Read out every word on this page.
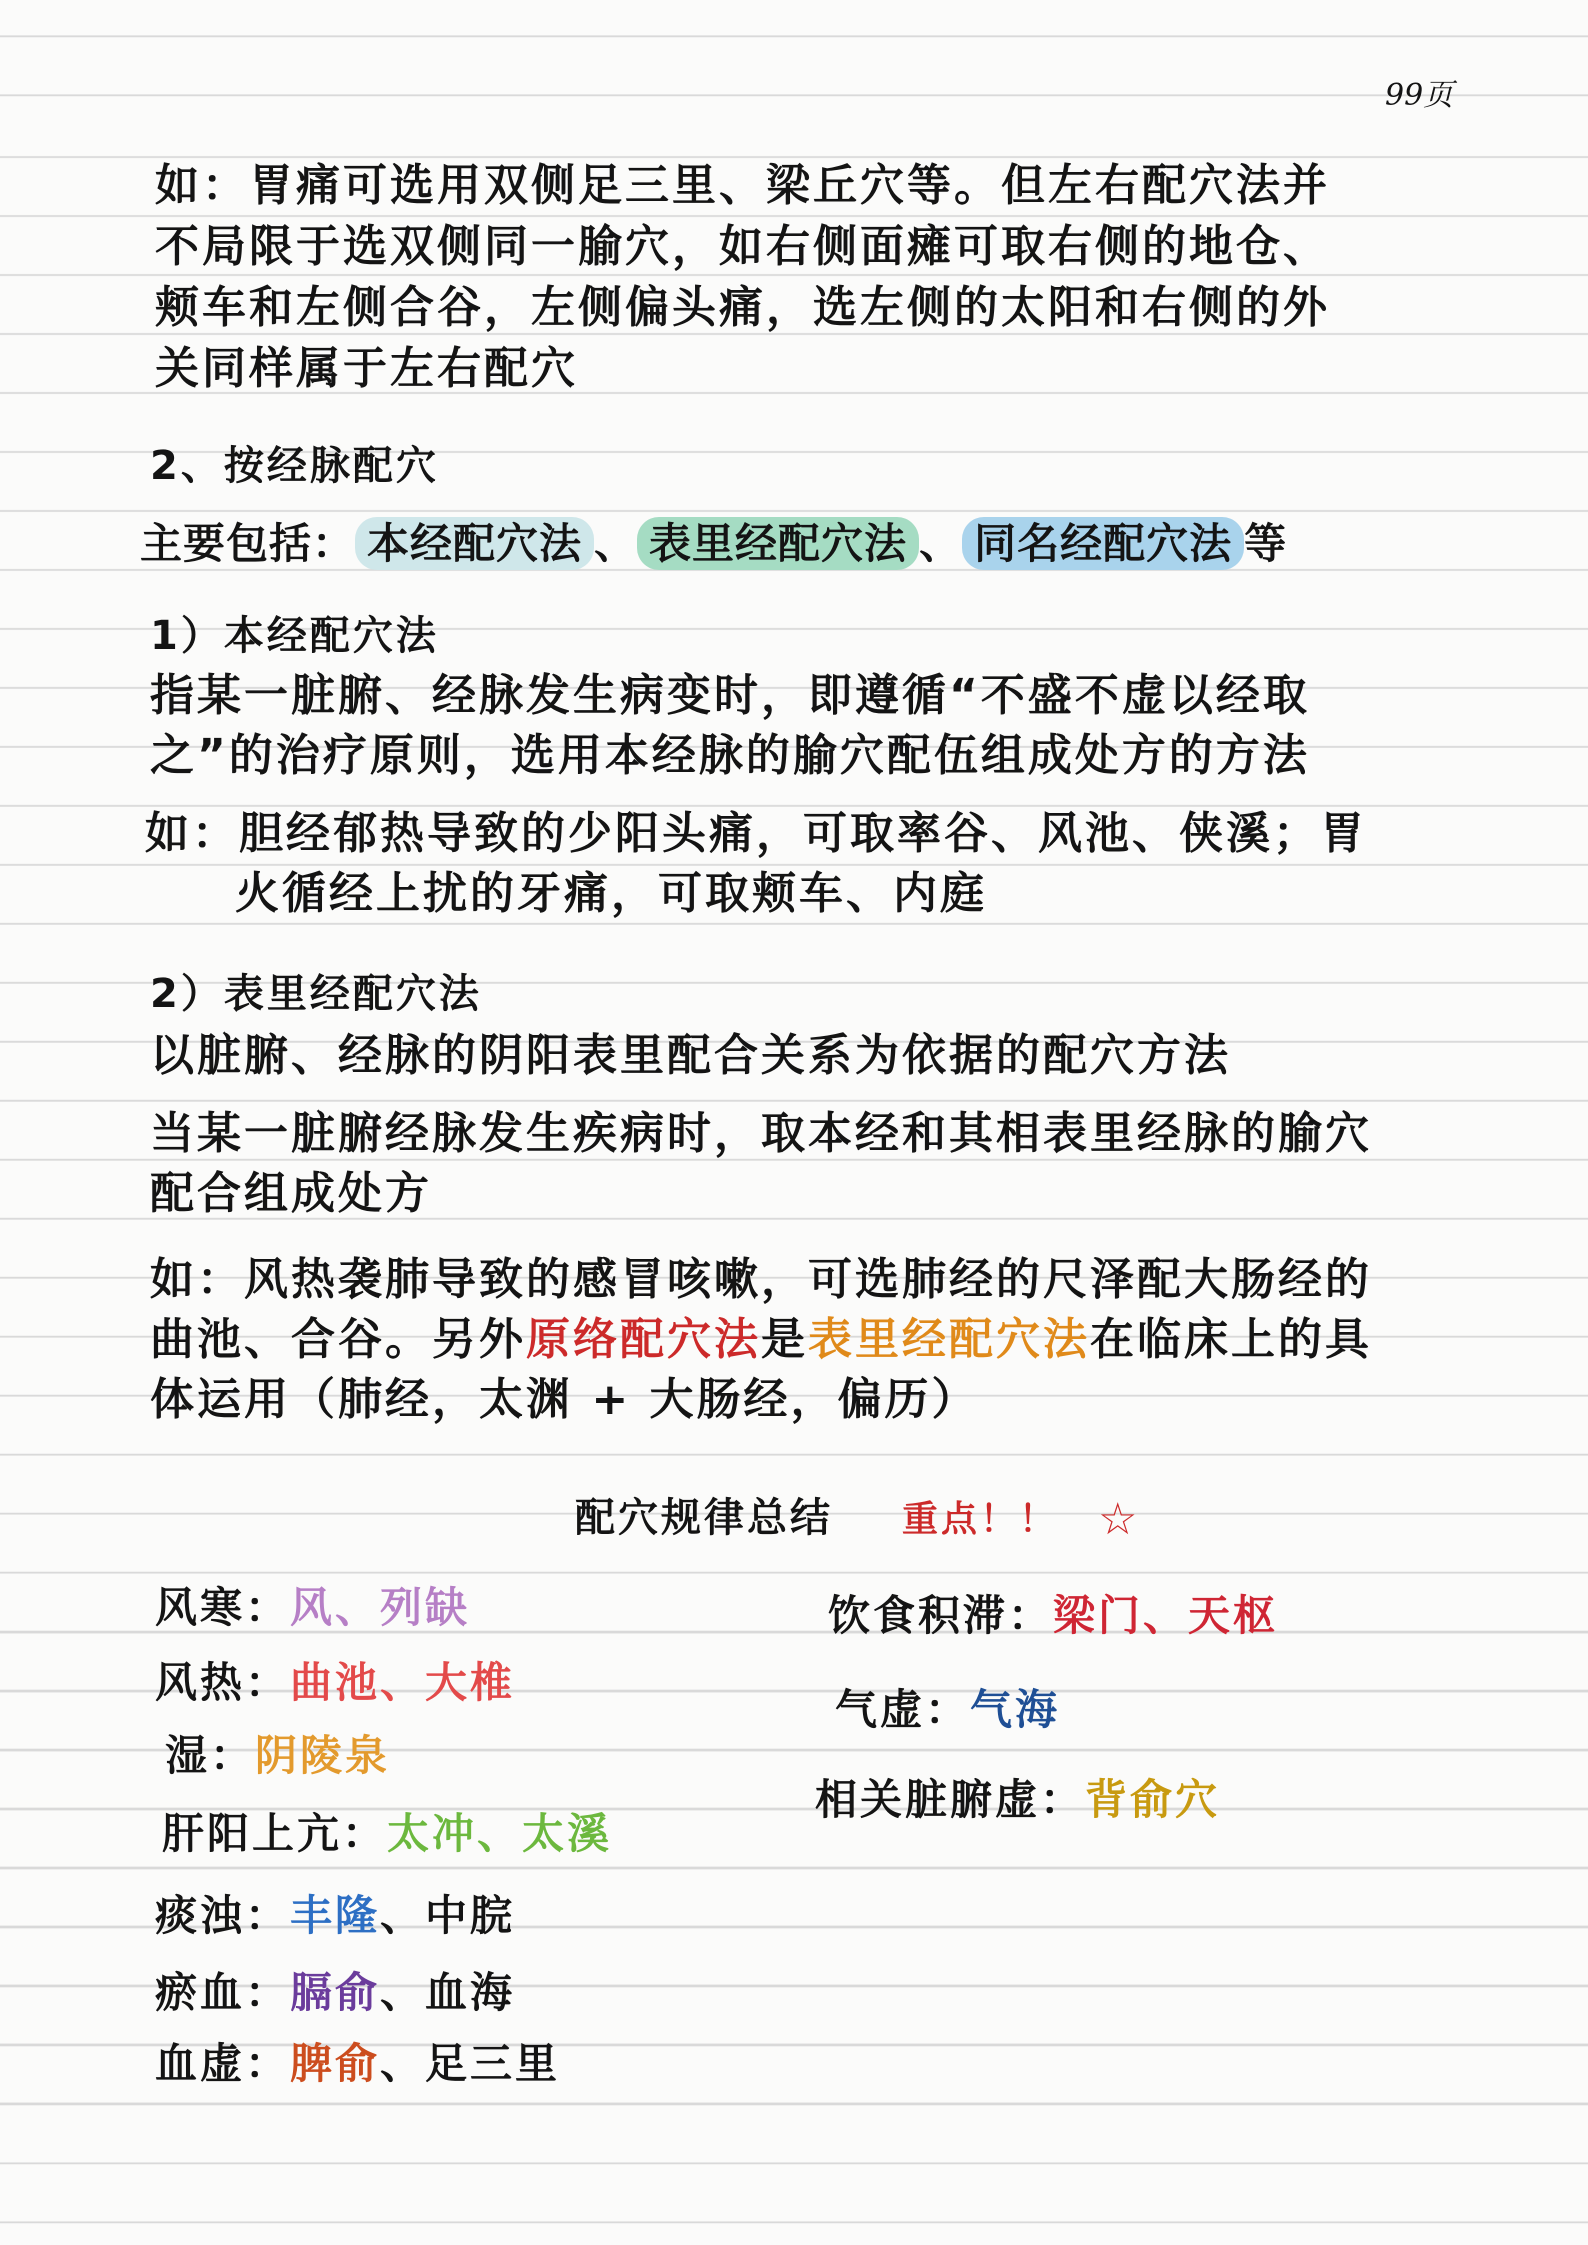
99页
如：胃痛可选用双侧足三里、梁丘穴等。但左右配穴法并
不局限于选双侧同一腧穴，如右侧面瘫可取右侧的地仓、
颊车和左侧合谷，左侧偏头痛，选左侧的太阳和右侧的外
关同样属于左右配穴
2、按经脉配穴
主要包括： 本经配穴法 、 表里经配穴法 、 同名经配穴法 等
1）本经配穴法
指某一脏腑、经脉发生病变时，即遵循“不盛不虚以经取
之”的治疗原则，选用本经脉的腧穴配伍组成处方的方法
如：胆经郁热导致的少阳头痛，可取率谷、风池、侠溪；胃
火循经上扰的牙痛，可取颊车、内庭
2）表里经配穴法
以脏腑、经脉的阴阳表里配合关系为依据的配穴方法
当某一脏腑经脉发生疾病时，取本经和其相表里经脉的腧穴
配合组成处方
如：风热袭肺导致的感冒咳嗽，可选肺经的尺泽配大肠经的
曲池、合谷。另外原络配穴法是表里经配穴法在临床上的具
体运用（肺经，太渊 + 大肠经，偏历）
配穴规律总结 重点！！ ☆
风寒：风、列缺
风热：曲池、大椎
湿：阴陵泉
肝阳上亢：太冲、太溪
痰浊：丰隆、中脘
瘀血：膈俞、血海
血虚：脾俞、足三里
饮食积滞：梁门、天枢
气虚：气海
相关脏腑虚：背俞穴
